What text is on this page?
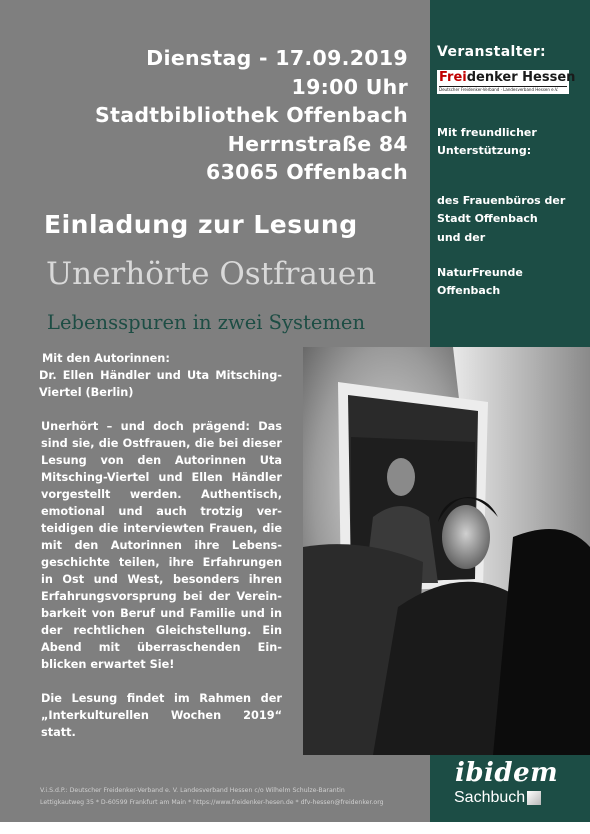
Dienstag - 17.09.2019
19:00 Uhr
Stadtbibliothek Offenbach
Herrnstraße 84
63065 Offenbach
Einladung zur Lesung
Unerhörte Ostfrauen
Lebensspuren in zwei Systemen

Mit den Autorinnen:

Dr. Ellen Händler und Uta Mitsching-Viertel (Berlin)

Unerhört – und doch prägend: Das sind sie, die Ostfrauen, die bei dieser Lesung von den Autorinnen Uta Mitsching-Viertel und Ellen Händler vorgestellt werden. Authentisch, emotional und auch trotzig verteidigen die interviewten Frauen, die mit den Autorinnen ihre Lebensgeschichte teilen, ihre Erfahrungen in Ost und West, besonders ihren Erfahrungsvorsprung bei der Vereinbarkeit von Beruf und Familie und in der rechtlichen Gleichstellung. Ein Abend mit überraschenden Einblicken erwartet Sie!

Die Lesung findet im Rahmen der „Interkulturellen Wochen 2019“ statt.

V.i.S.d.P.: Deutscher Freidenker-Verband e. V. Landesverband Hessen c/o Wilhelm Schulze-Barantin
Lettigkautweg 35 * D-60599 Frankfurt am Main * https://www.freidenker-hesen.de * dfv-hessen@freidenker.org
Veranstalter:
Freidenker Hessen
Deutscher Freidenker-Verband · Landesverband Hessen e.V.
Mit freundlicher Unterstützung:
des Frauenbüros der Stadt Offenbach
und der
NaturFreunde Offenbach
ibidem
Sachbuch
